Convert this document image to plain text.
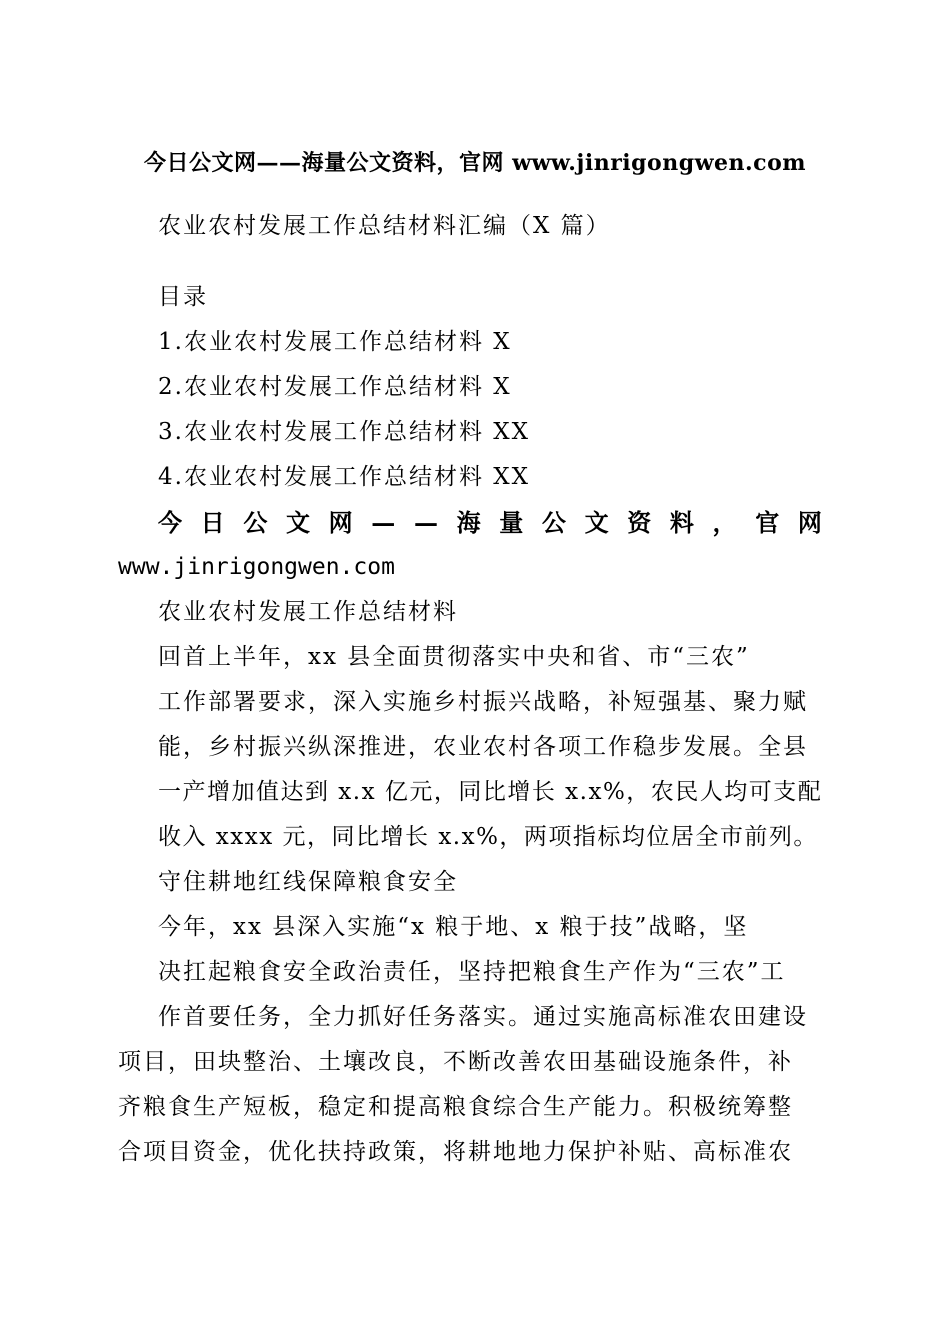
今日公文网——海量公文资料，官网 www.jinrigongwen.com
农业农村发展工作总结材料汇编（X 篇）
目录
1.农业农村发展工作总结材料 X
2.农业农村发展工作总结材料 X
3.农业农村发展工作总结材料 XX
4.农业农村发展工作总结材料 XX
今 日 公 文 网 — — 海 量 公 文 资 料 ， 官 网
www.jinrigongwen.com
农业农村发展工作总结材料
回首上半年，xx 县全面贯彻落实中央和省、市“三农”
工作部署要求，深入实施乡村振兴战略，补短强基、聚力赋
能，乡村振兴纵深推进，农业农村各项工作稳步发展。全县
一产增加值达到 x.x 亿元，同比增长 x.x%，农民人均可支配
收入 xxxx 元，同比增长 x.x%，两项指标均位居全市前列。
守住耕地红线保障粮食安全
今年，xx 县深入实施“x 粮于地、x 粮于技”战略，坚
决扛起粮食安全政治责任，坚持把粮食生产作为“三农”工
作首要任务，全力抓好任务落实。通过实施高标准农田建设
项目，田块整治、土壤改良，不断改善农田基础设施条件，补
齐粮食生产短板，稳定和提高粮食综合生产能力。积极统筹整
合项目资金，优化扶持政策，将耕地地力保护补贴、高标准农
